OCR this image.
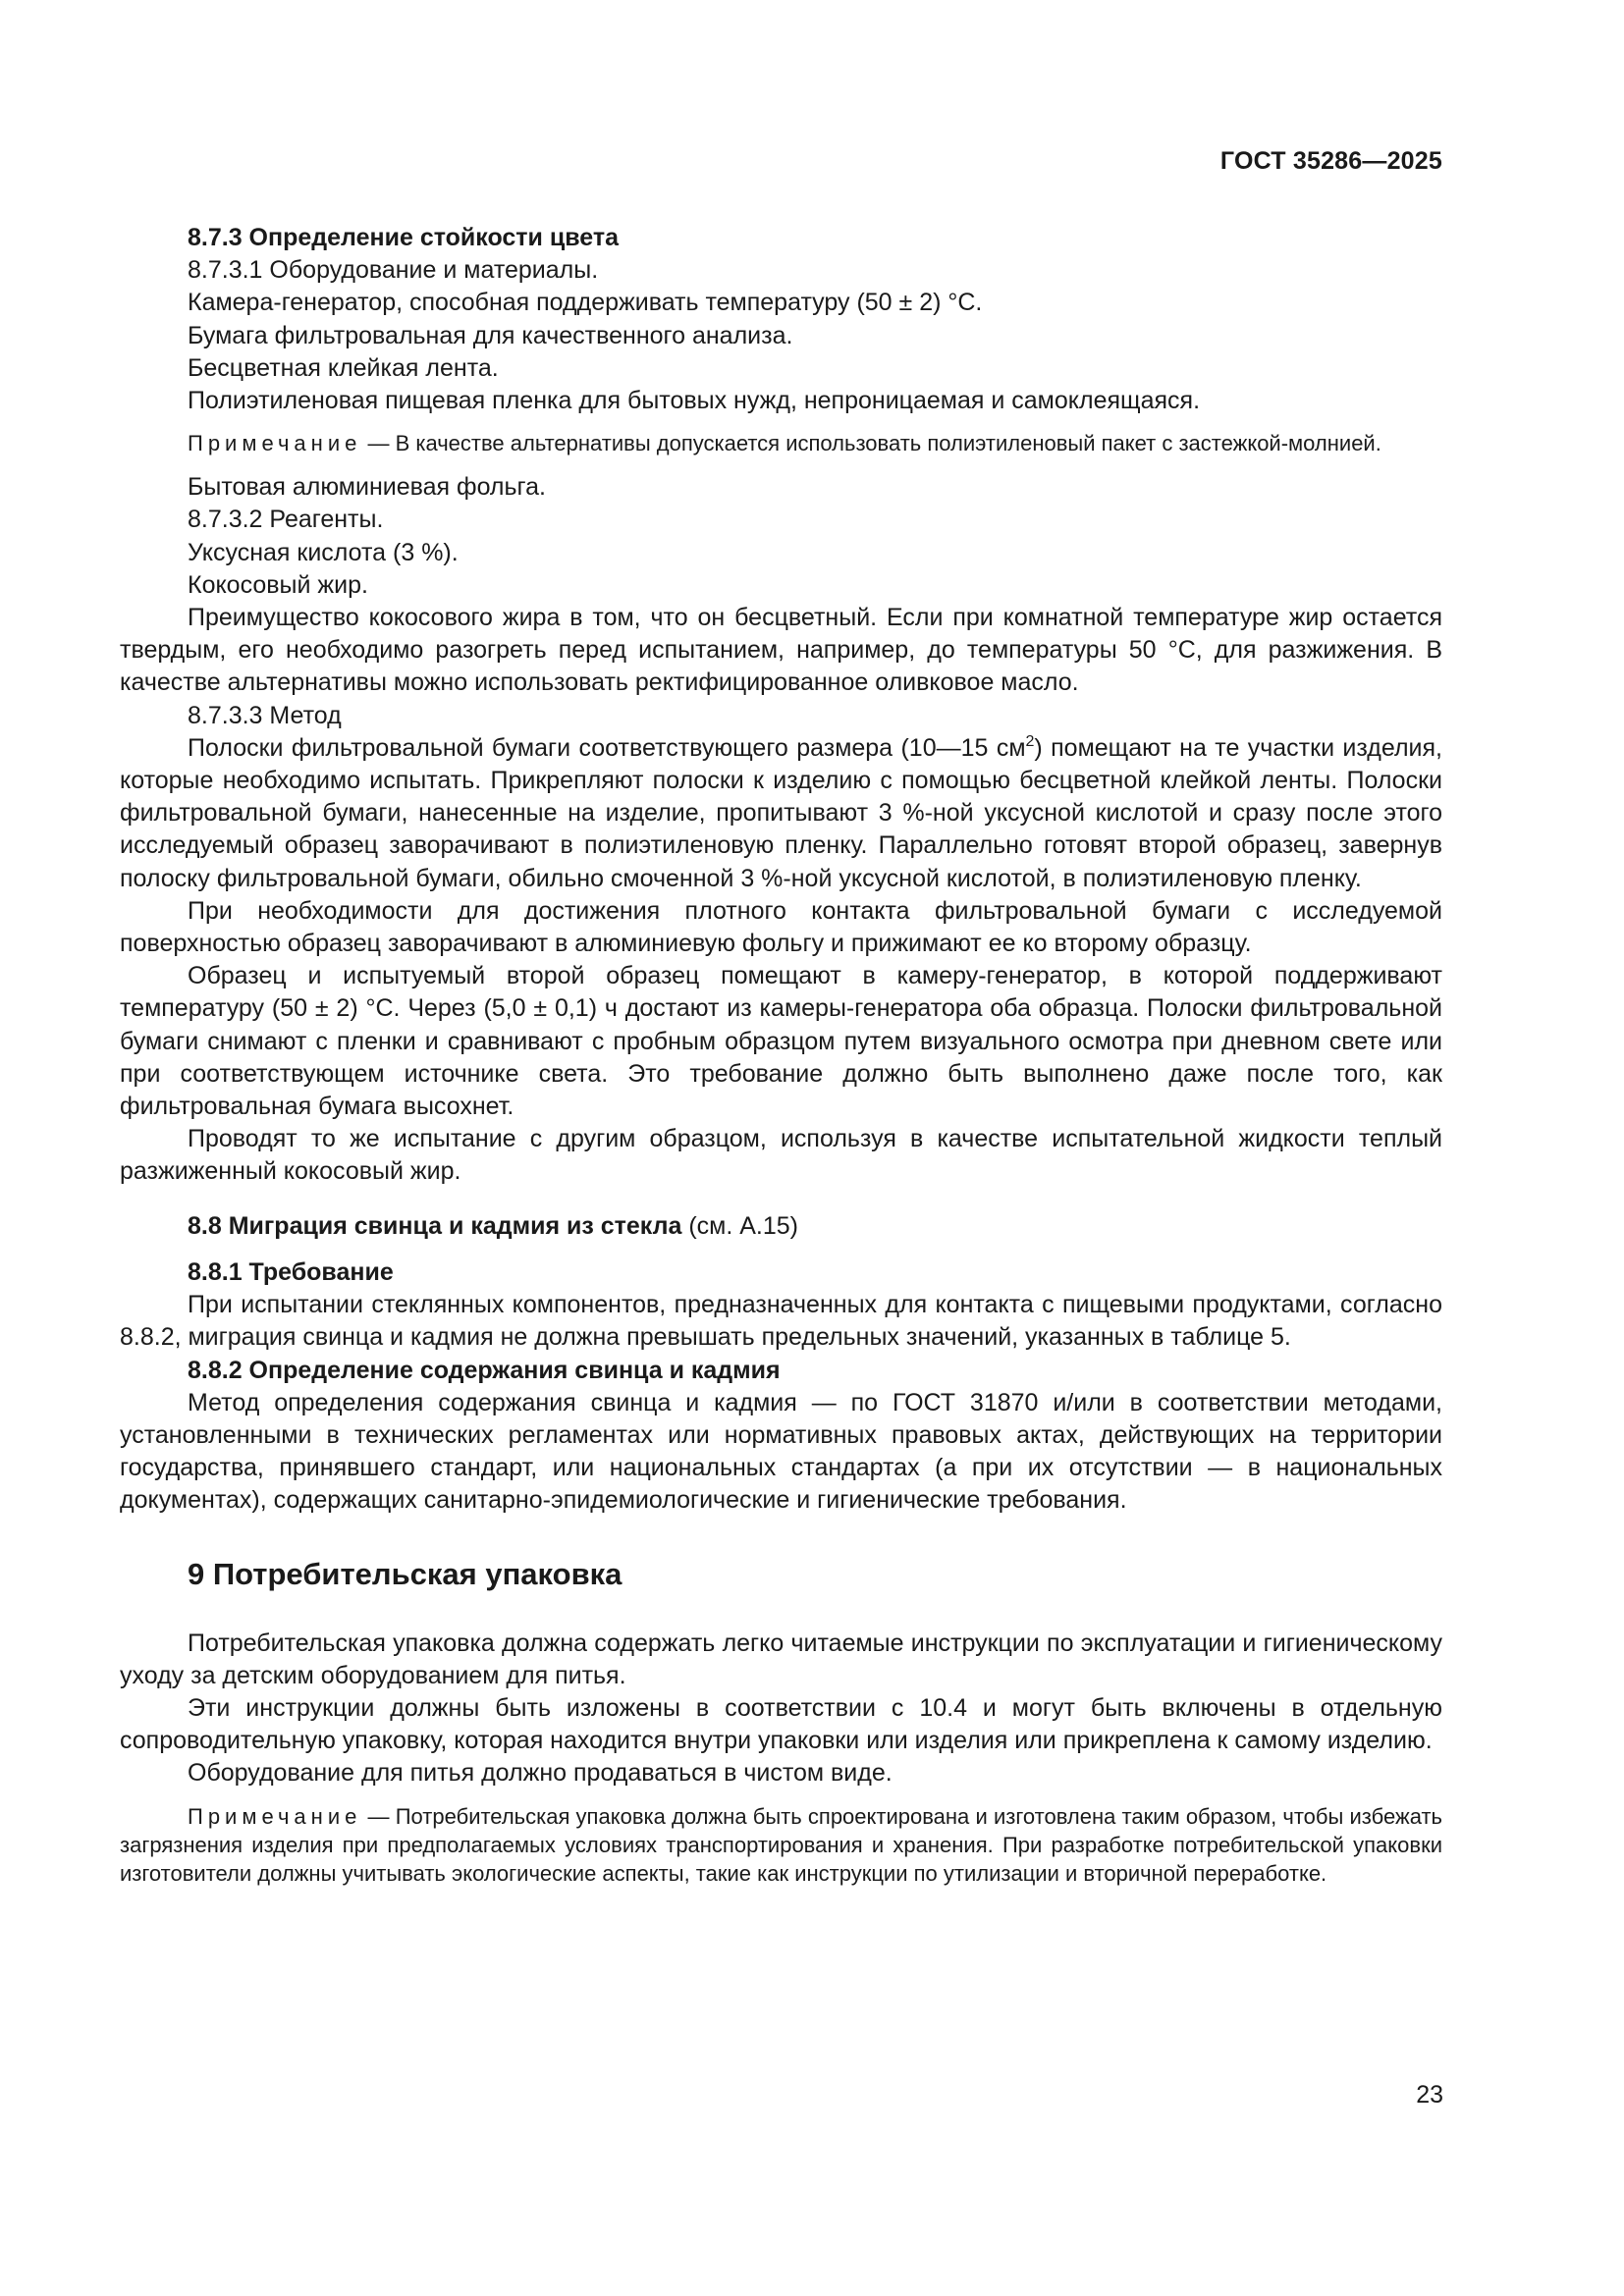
ГОСТ 35286—2025

8.7.3 Определение стойкости цвета

8.7.3.1 Оборудование и материалы.

Камера-генератор, способная поддерживать температуру (50 ± 2) °С.

Бумага фильтровальная для качественного анализа.

Бесцветная клейкая лента.

Полиэтиленовая пищевая пленка для бытовых нужд, непроницаемая и самоклеящаяся.

Примечание — В качестве альтернативы допускается использовать полиэтиленовый пакет с застежкой-молнией.

Бытовая алюминиевая фольга.

8.7.3.2 Реагенты.

Уксусная кислота (3 %).

Кокосовый жир.

Преимущество кокосового жира в том, что он бесцветный. Если при комнатной температуре жир остается твердым, его необходимо разогреть перед испытанием, например, до температуры 50 °С, для разжижения. В качестве альтернативы можно использовать ректифицированное оливковое масло.

8.7.3.3 Метод

Полоски фильтровальной бумаги соответствующего размера (10—15 $см^2$) помещают на те участки изделия, которые необходимо испытать. Прикрепляют полоски к изделию с помощью бесцветной клейкой ленты. Полоски фильтровальной бумаги, нанесенные на изделие, пропитывают 3 %-ной уксусной кислотой и сразу после этого исследуемый образец заворачивают в полиэтиленовую пленку. Параллельно готовят второй образец, завернув полоску фильтровальной бумаги, обильно смоченной 3 %-ной уксусной кислотой, в полиэтиленовую пленку.

При необходимости для достижения плотного контакта фильтровальной бумаги с исследуемой поверхностью образец заворачивают в алюминиевую фольгу и прижимают ее ко второму образцу.

Образец и испытуемый второй образец помещают в камеру-генератор, в которой поддерживают температуру (50 ± 2) °С. Через (5,0 ± 0,1) ч достают из камеры-генератора оба образца. Полоски фильтровальной бумаги снимают с пленки и сравнивают с пробным образцом путем визуального осмотра при дневном свете или при соответствующем источнике света. Это требование должно быть выполнено даже после того, как фильтровальная бумага высохнет.

Проводят то же испытание с другим образцом, используя в качестве испытательной жидкости теплый разжиженный кокосовый жир.

8.8 Миграция свинца и кадмия из стекла (см. А.15)

8.8.1 Требование

При испытании стеклянных компонентов, предназначенных для контакта с пищевыми продуктами, согласно 8.8.2, миграция свинца и кадмия не должна превышать предельных значений, указанных в таблице 5.

8.8.2 Определение содержания свинца и кадмия

Метод определения содержания свинца и кадмия — по ГОСТ 31870 и/или в соответствии методами, установленными в технических регламентах или нормативных правовых актах, действующих на территории государства, принявшего стандарт, или национальных стандартах (а при их отсутствии — в национальных документах), содержащих санитарно-эпидемиологические и гигиенические требования.

9 Потребительская упаковка

Потребительская упаковка должна содержать легко читаемые инструкции по эксплуатации и гигиеническому уходу за детским оборудованием для питья.

Эти инструкции должны быть изложены в соответствии с 10.4 и могут быть включены в отдельную сопроводительную упаковку, которая находится внутри упаковки или изделия или прикреплена к самому изделию.

Оборудование для питья должно продаваться в чистом виде.

Примечание — Потребительская упаковка должна быть спроектирована и изготовлена таким образом, чтобы избежать загрязнения изделия при предполагаемых условиях транспортирования и хранения. При разработке потребительской упаковки изготовители должны учитывать экологические аспекты, такие как инструкции по утилизации и вторичной переработке.

23
